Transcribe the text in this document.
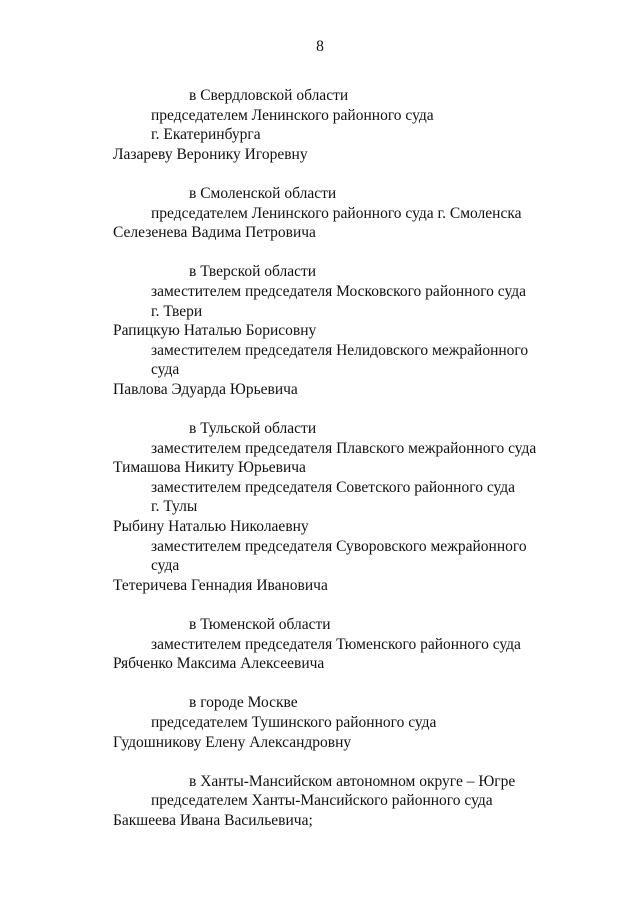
8
в Свердловской области
председателем Ленинского районного суда
г. Екатеринбурга
Лазареву Веронику Игоревну
в Смоленской области
председателем Ленинского районного суда г. Смоленска
Селезенева Вадима Петровича
в Тверской области
заместителем председателя Московского районного суда
г. Твери
Рапицкую Наталью Борисовну
заместителем председателя Нелидовского межрайонного
суда
Павлова Эдуарда Юрьевича
в Тульской области
заместителем председателя Плавского межрайонного суда
Тимашова Никиту Юрьевича
заместителем председателя Советского районного суда
г. Тулы
Рыбину Наталью Николаевну
заместителем председателя Суворовского межрайонного
суда
Тетеричева Геннадия Ивановича
в Тюменской области
заместителем председателя Тюменского районного суда
Рябченко Максима Алексеевича
в городе Москве
председателем Тушинского районного суда
Гудошникову Елену Александровну
в Ханты-Мансийском автономном округе – Югре
председателем Ханты-Мансийского районного суда
Бакшеева Ивана Васильевича;
